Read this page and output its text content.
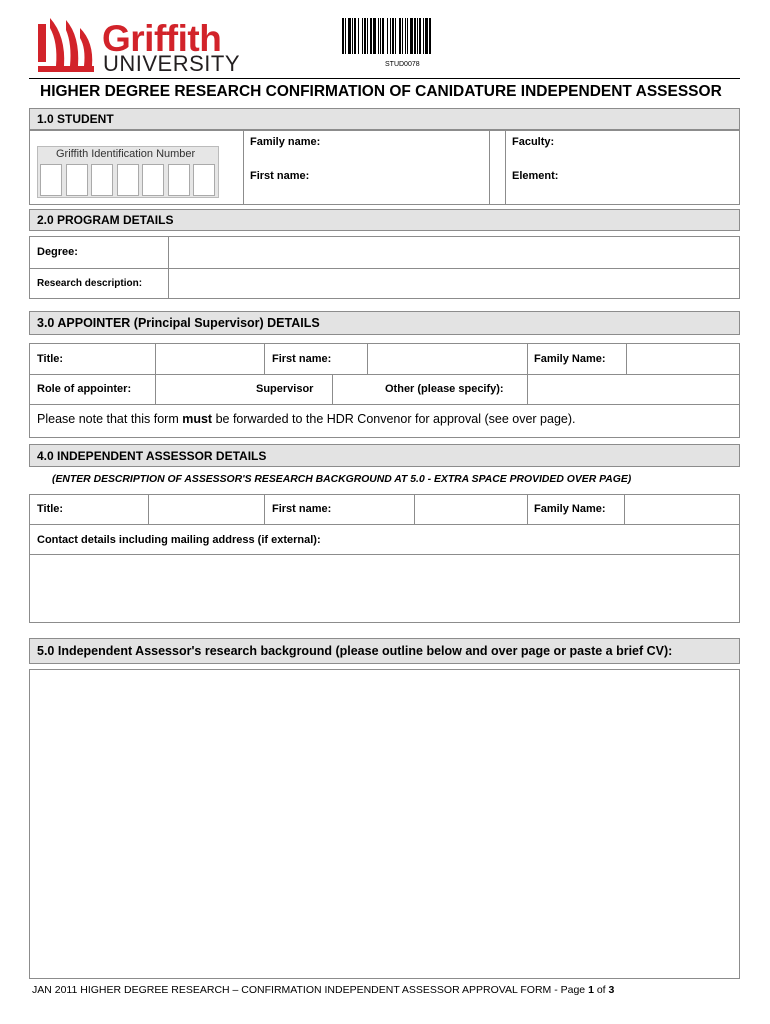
Griffith
UNIVERSITY	STUD0078
HIGHER DEGREE RESEARCH CONFIRMATION OF CANIDATURE INDEPENDENT ASSESSOR
1.0 STUDENT
Griffith Identification Number
Family name:
First name:
Faculty:
Element:
2.0 PROGRAM DETAILS
Degree:
Research description:
3.0 APPOINTER (Principal Supervisor) DETAILS
Title:	First name:	Family Name:
Role of appointer:	Supervisor	Other (please specify):
Please note that this form must be forwarded to the HDR Convenor for approval (see over page).
4.0 INDEPENDENT ASSESSOR DETAILS
(ENTER DESCRIPTION OF ASSESSOR'S RESEARCH BACKGROUND AT 5.0 - EXTRA SPACE PROVIDED OVER PAGE)
Title:	First name:	Family Name:
Contact details including mailing address (if external):
5.0 Independent Assessor's research background (please outline below and over page or paste a brief CV):
JAN 2011 HIGHER DEGREE RESEARCH – CONFIRMATION INDEPENDENT ASSESSOR APPROVAL FORM - Page 1 of 3
